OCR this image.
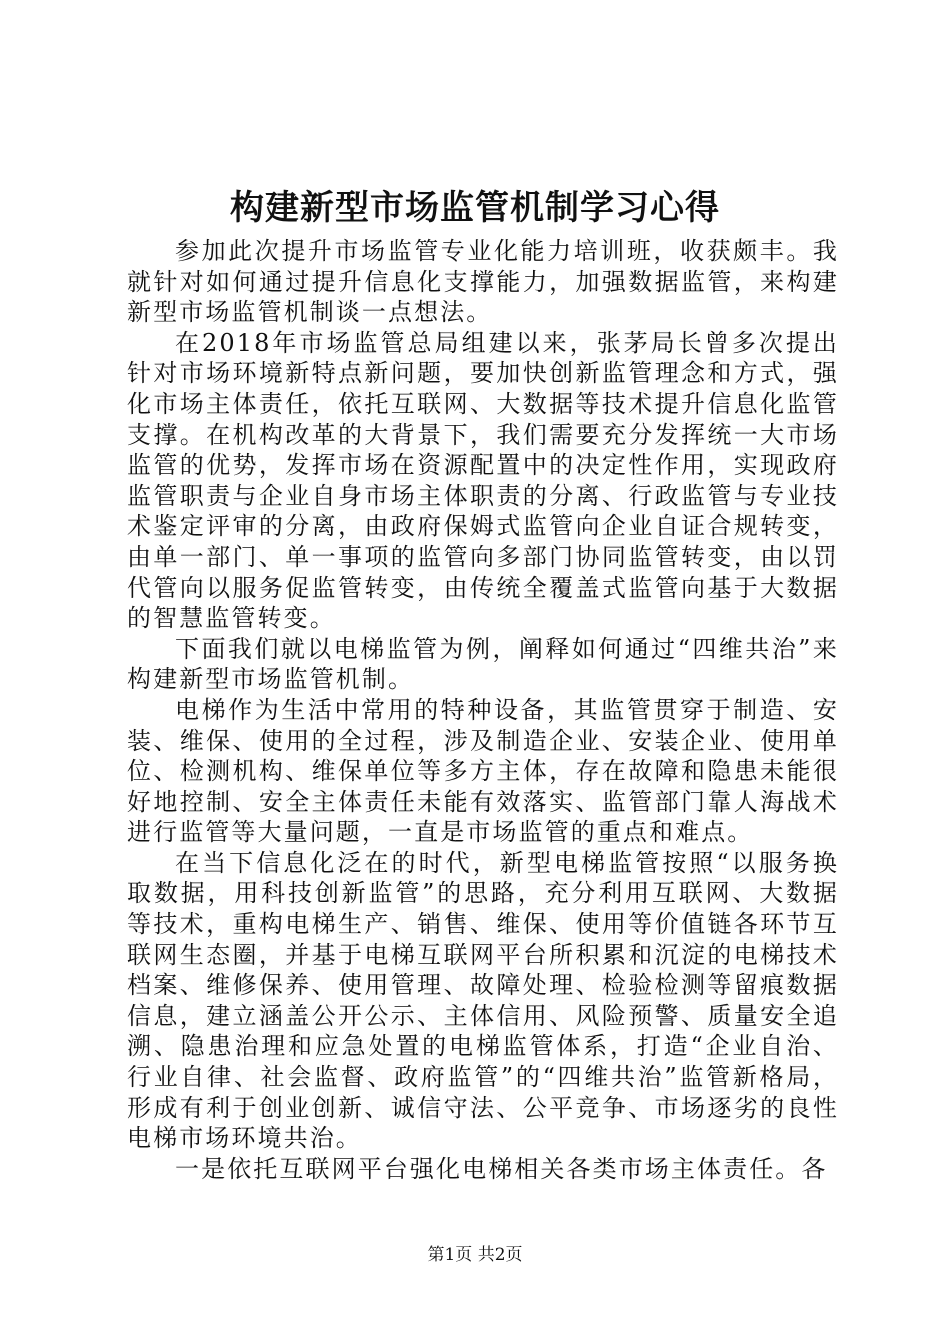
构建新型市场监管机制学习心得

参加此次提升市场监管专业化能力培训班，收获颇丰。我就针对如何通过提升信息化支撑能力，加强数据监管，来构建新型市场监管机制谈一点想法。

在2018年市场监管总局组建以来，张茅局长曾多次提出针对市场环境新特点新问题，要加快创新监管理念和方式，强化市场主体责任，依托互联网、大数据等技术提升信息化监管支撑。在机构改革的大背景下，我们需要充分发挥统一大市场监管的优势，发挥市场在资源配置中的决定性作用，实现政府监管职责与企业自身市场主体职责的分离、行政监管与专业技术鉴定评审的分离，由政府保姆式监管向企业自证合规转变，由单一部门、单一事项的监管向多部门协同监管转变，由以罚代管向以服务促监管转变，由传统全覆盖式监管向基于大数据的智慧监管转变。

下面我们就以电梯监管为例，阐释如何通过“四维共治”来构建新型市场监管机制。

电梯作为生活中常用的特种设备，其监管贯穿于制造、安装、维保、使用的全过程，涉及制造企业、安装企业、使用单位、检测机构、维保单位等多方主体，存在故障和隐患未能很好地控制、安全主体责任未能有效落实、监管部门靠人海战术进行监管等大量问题，一直是市场监管的重点和难点。

在当下信息化泛在的时代，新型电梯监管按照“以服务换取数据，用科技创新监管”的思路，充分利用互联网、大数据等技术，重构电梯生产、销售、维保、使用等价值链各环节互联网生态圈，并基于电梯互联网平台所积累和沉淀的电梯技术档案、维修保养、使用管理、故障处理、检验检测等留痕数据信息，建立涵盖公开公示、主体信用、风险预警、质量安全追溯、隐患治理和应急处置的电梯监管体系，打造“企业自治、行业自律、社会监督、政府监管”的“四维共治”监管新格局，形成有利于创业创新、诚信守法、公平竞争、市场逐劣的良性电梯市场环境共治。

一是依托互联网平台强化电梯相关各类市场主体责任。各

第1页 共2页
